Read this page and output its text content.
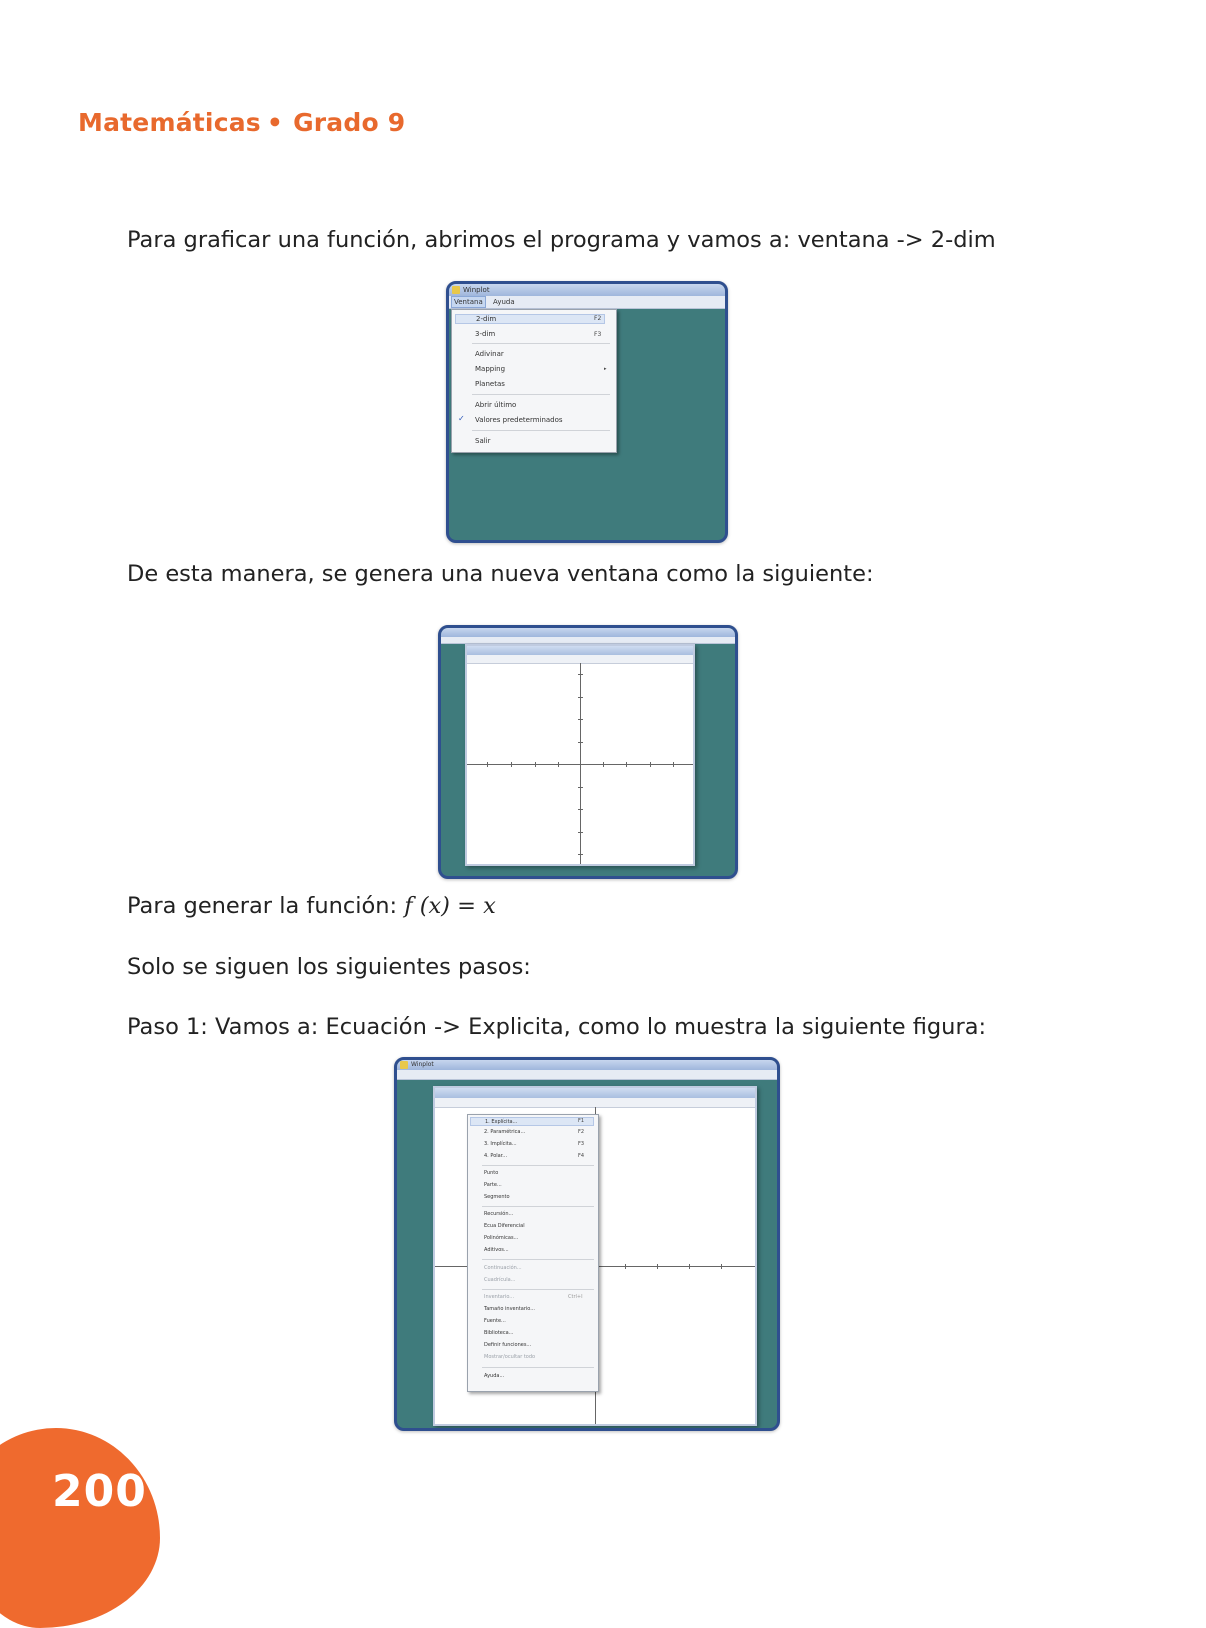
Matemáticas • Grado 9
Para graficar una función, abrimos el programa y vamos a: ventana -> 2-dim
Winplot
Ventana	Ayuda
2-dim	F2
3-dim	F3
Adivinar
Mapping	▸
Planetas
Abrir último
✓ Valores predeterminados
Salir
De esta manera, se genera una nueva ventana como la siguiente:
Para generar la función: f (x) = x
Solo se siguen los siguientes pasos:
Paso 1: Vamos a: Ecuación -> Explicita, como lo muestra la siguiente figura:
Winplot
1. Explícita...	F1
2. Paramétrica...	F2
3. Implícita...	F3
4. Polar...	F4
Punto
Parte...
Segmento
Recursión...
Ecua Diferencial
Polinómicas...
Aditivos...
Continuación...
Cuadrícula...
Inventario...	Ctrl+I
Tamaño inventario...
Fuente...
Biblioteca...
Definir funciones...
Mostrar/ocultar todo
Ayuda...
200
